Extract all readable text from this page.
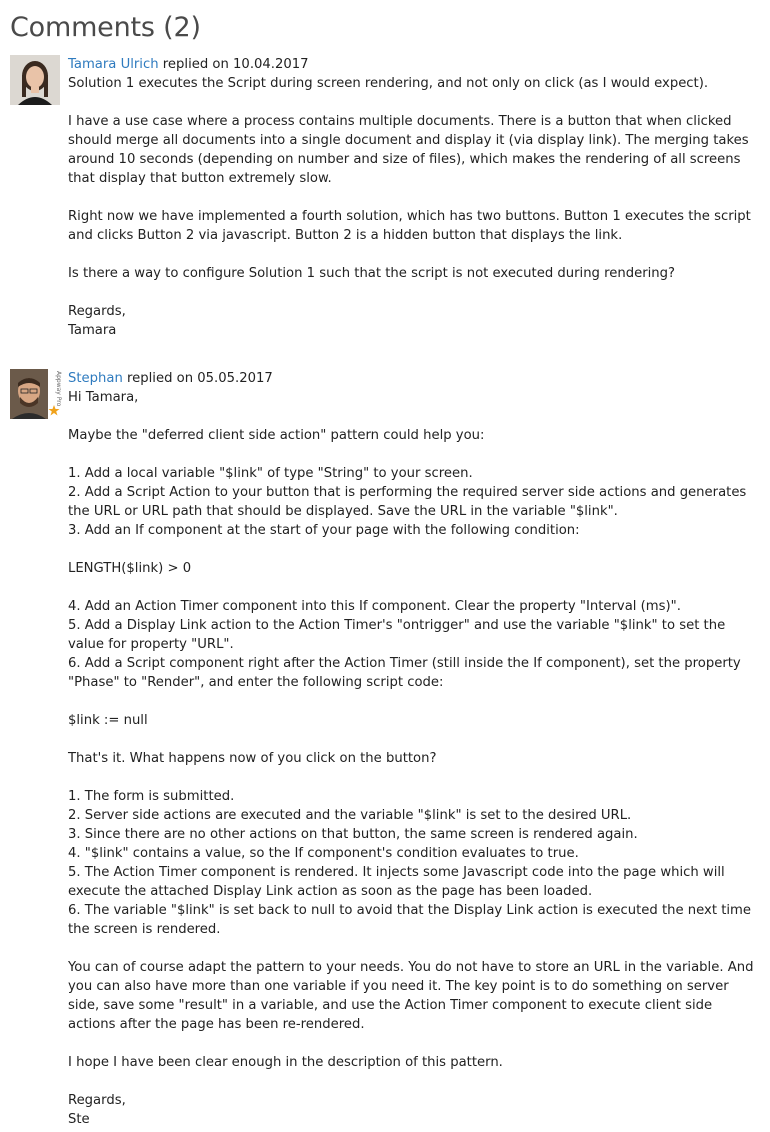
Comments (2)
Tamara Ulrich replied on 10.04.2017

Solution 1 executes the Script during screen rendering, and not only on click (as I would expect).

I have a use case where a process contains multiple documents. There is a button that when clicked should merge all documents into a single document and display it (via display link). The merging takes around 10 seconds (depending on number and size of files), which makes the rendering of all screens that display that button extremely slow.

Right now we have implemented a fourth solution, which has two buttons. Button 1 executes the script and clicks Button 2 via javascript. Button 2 is a hidden button that displays the link.

Is there a way to configure Solution 1 such that the script is not executed during rendering?

Regards,
Tamara

Appway Pro Stephan replied on 05.05.2017

Hi Tamara,

Maybe the "deferred client side action" pattern could help you:

1. Add a local variable "$link" of type "String" to your screen.
2. Add a Script Action to your button that is performing the required server side actions and generates the URL or URL path that should be displayed. Save the URL in the variable "$link".
3. Add an If component at the start of your page with the following condition:

LENGTH($link) > 0

4. Add an Action Timer component into this If component. Clear the property "Interval (ms)".
5. Add a Display Link action to the Action Timer's "ontrigger" and use the variable "$link" to set the value for property "URL".
6. Add a Script component right after the Action Timer (still inside the If component), set the property "Phase" to "Render", and enter the following script code:

$link := null

That's it. What happens now of you click on the button?

1. The form is submitted.
2. Server side actions are executed and the variable "$link" is set to the desired URL.
3. Since there are no other actions on that button, the same screen is rendered again.
4. "$link" contains a value, so the If component's condition evaluates to true.
5. The Action Timer component is rendered. It injects some Javascript code into the page which will execute the attached Display Link action as soon as the page has been loaded.
6. The variable "$link" is set back to null to avoid that the Display Link action is executed the next time the screen is rendered.

You can of course adapt the pattern to your needs. You do not have to store an URL in the variable. And you can also have more than one variable if you need it. The key point is to do something on server side, save some "result" in a variable, and use the Action Timer component to execute client side actions after the page has been re-rendered.

I hope I have been clear enough in the description of this pattern.

Regards,
Ste
